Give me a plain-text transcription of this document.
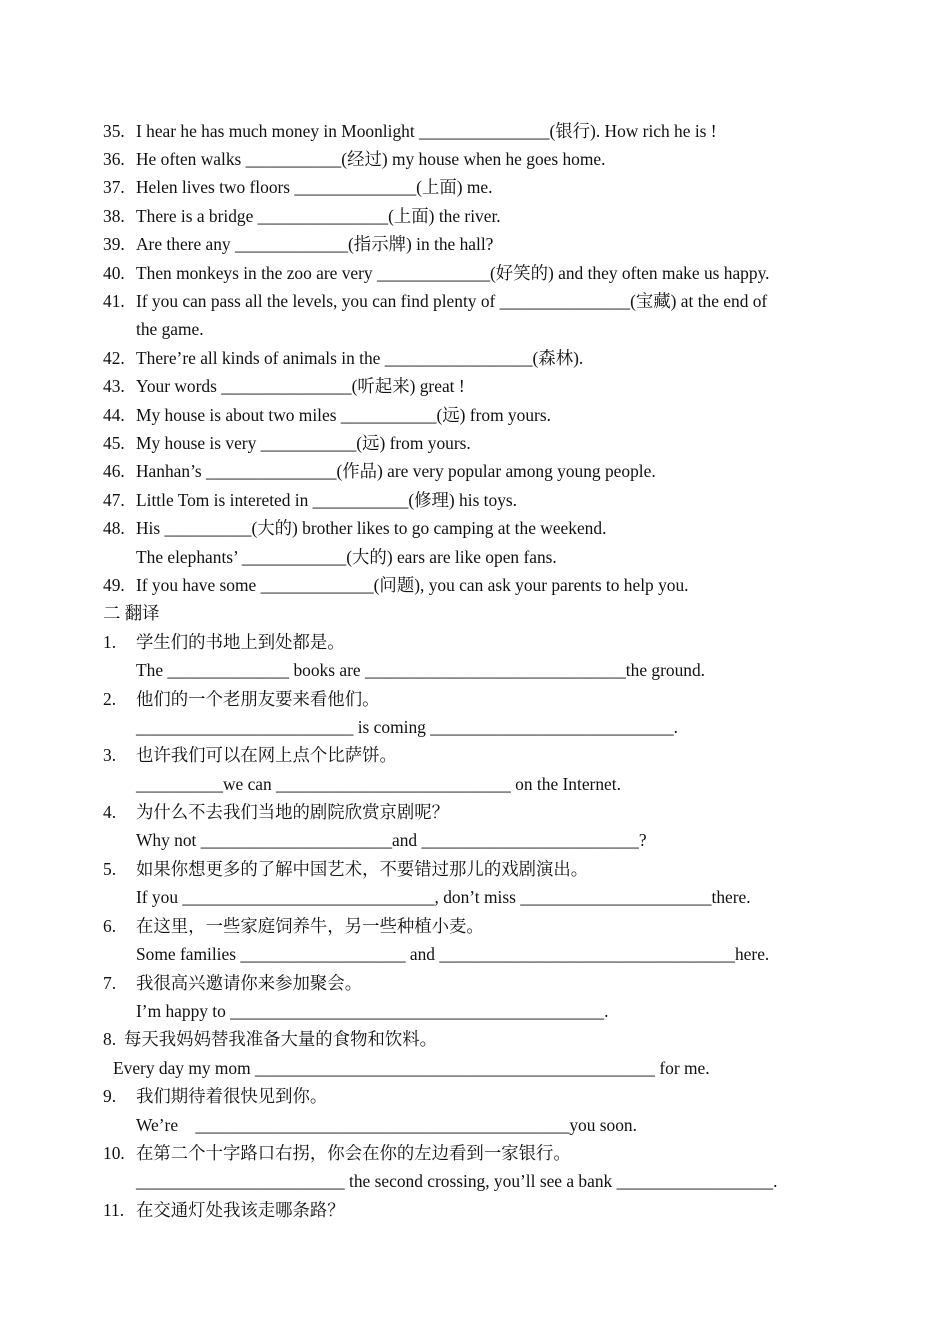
35.

I hear he has much money in Moonlight _______________(银行). How rich he is !

36.

He often walks ___________(经过) my house when he goes home.

37.

Helen lives two floors ______________(上面) me.

38.

There is a bridge _______________(上面) the river.

39.

Are there any _____________(指示牌) in the hall?

40.

Then monkeys in the zoo are very _____________(好笑的) and they often make us happy.

41.

If you can pass all the levels, you can find plenty of _______________(宝藏) at the end of

the game.

42.

There’re all kinds of animals in the _________________(森林).

43.

Your words _______________(听起来) great !

44.

My house is about two miles ___________(远) from yours.

45.

My house is very ___________(远) from yours.

46.

Hanhan’s _______________(作品) are very popular among young people.

47.

Little Tom is intereted in ___________(修理) his toys.

48.

His __________(大的) brother likes to go camping at the weekend.

The elephants’ ____________(大的) ears are like open fans.

49.

If you have some _____________(问题), you can ask your parents to help you.

二 翻译

1.

学生们的书地上到处都是。

The ______________ books are ______________________________the ground.

2.

他们的一个老朋友要来看他们。

_________________________ is coming ____________________________.

3.

也许我们可以在网上点个比萨饼。

__________we can ___________________________ on the Internet.

4.

为什么不去我们当地的剧院欣赏京剧呢？

Why not ______________________and _________________________?

5.

如果你想更多的了解中国艺术，不要错过那儿的戏剧演出。

If you _____________________________, don’t miss ______________________there.

6.

在这里，一些家庭饲养牛，另一些种植小麦。

Some families ___________________ and __________________________________here.

7.

我很高兴邀请你来参加聚会。

I’m happy to ___________________________________________.

8.

每天我妈妈替我准备大量的食物和饮料。

Every day my mom ______________________________________________ for me.

9.

我们期待着很快见到你。

We’re    ___________________________________________you soon.

10.

在第二个十字路口右拐，你会在你的左边看到一家银行。

________________________ the second crossing, you’ll see a bank __________________.

11.

在交通灯处我该走哪条路？
